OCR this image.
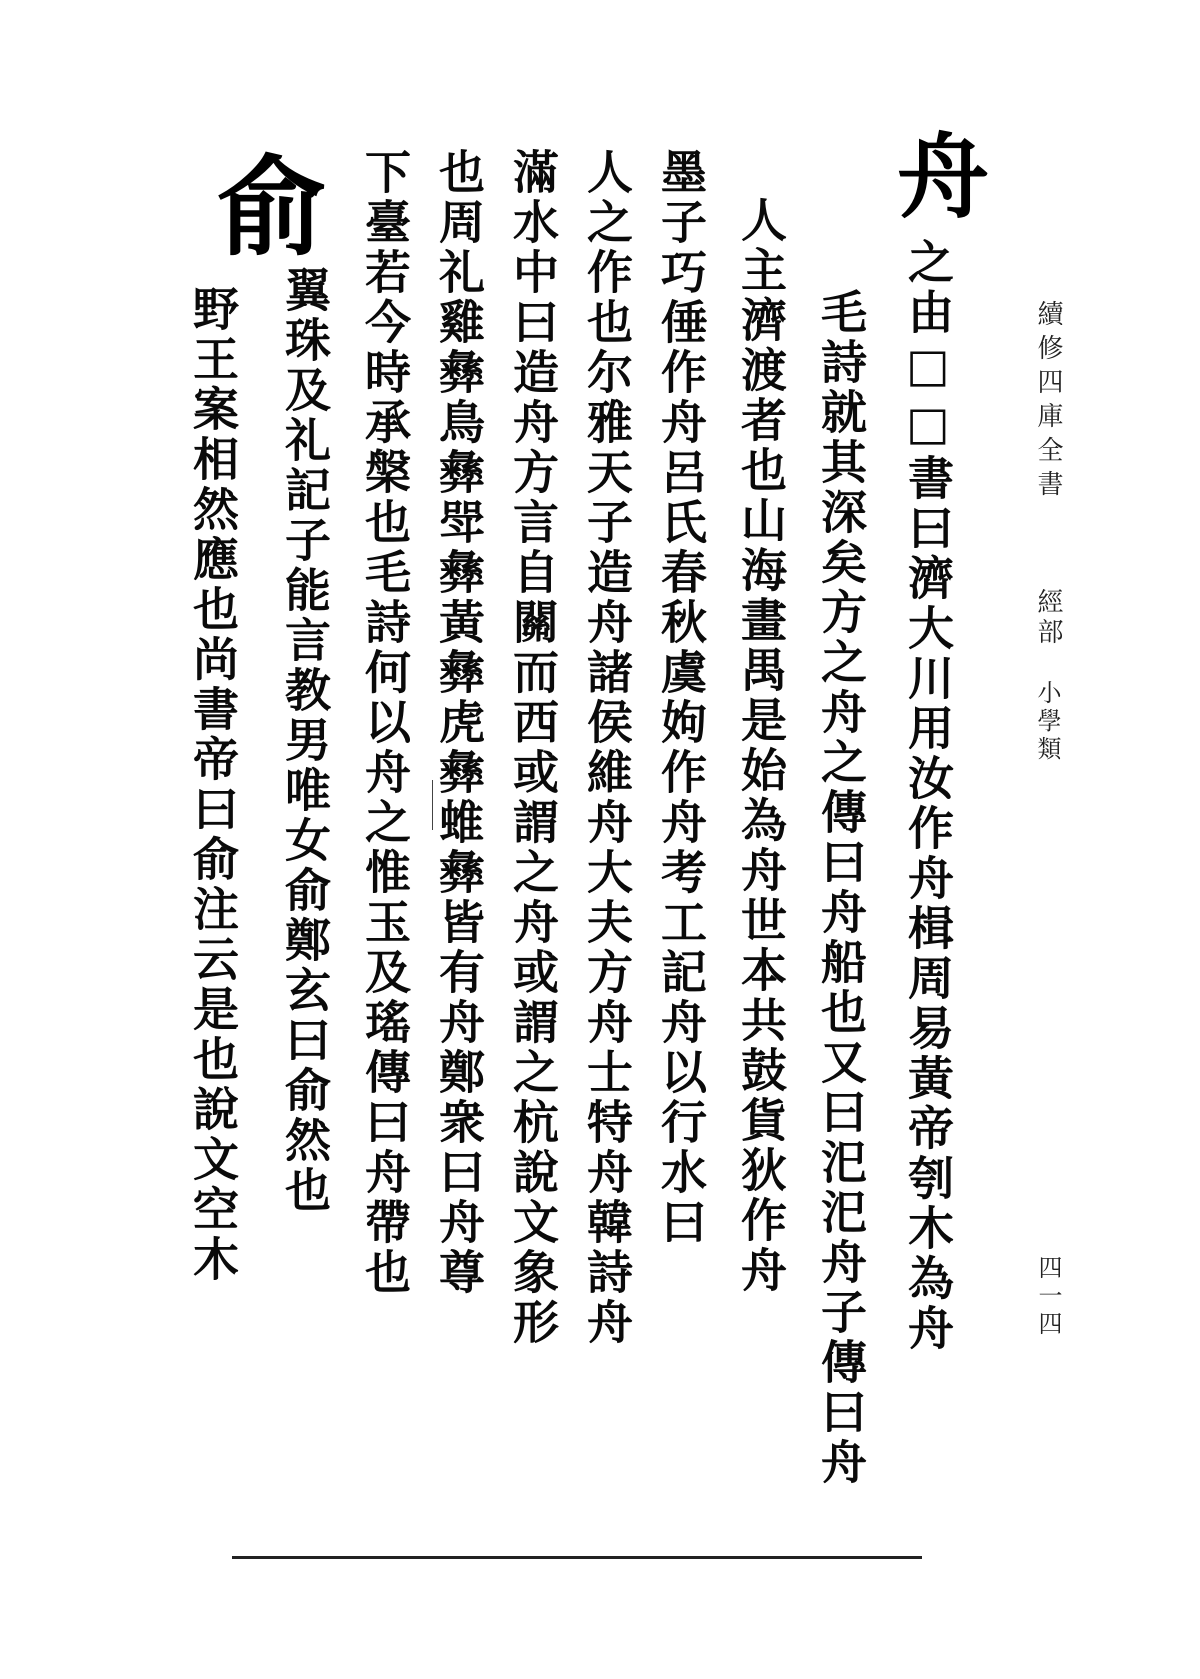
續修四庫全書
經部
小學類
四一四
舟
俞
之由□□書曰濟大川用汝作舟楫周易黃帝刳木為舟
毛詩就其深矣方之舟之傳曰舟船也又曰汜汜舟子傳曰舟
人主濟渡者也山海畫禺是始為舟世本共鼓貨狄作舟
墨子巧倕作舟呂氏春秋虞姁作舟考工記舟以行水曰
人之作也尔雅天子造舟諸侯維舟大夫方舟士特舟韓詩舟
滿水中曰造舟方言自關而西或謂之舟或謂之杭說文象形
也周礼雞彝鳥彝斝彝黃彝虎彝蜼彝皆有舟鄭衆曰舟尊
下臺若今時承槃也毛詩何以舟之惟玉及瑤傳曰舟帶也
翼珠及礼記子能言教男唯女俞鄭玄曰俞然也
野王案相然應也尚書帝曰俞注云是也說文空木
